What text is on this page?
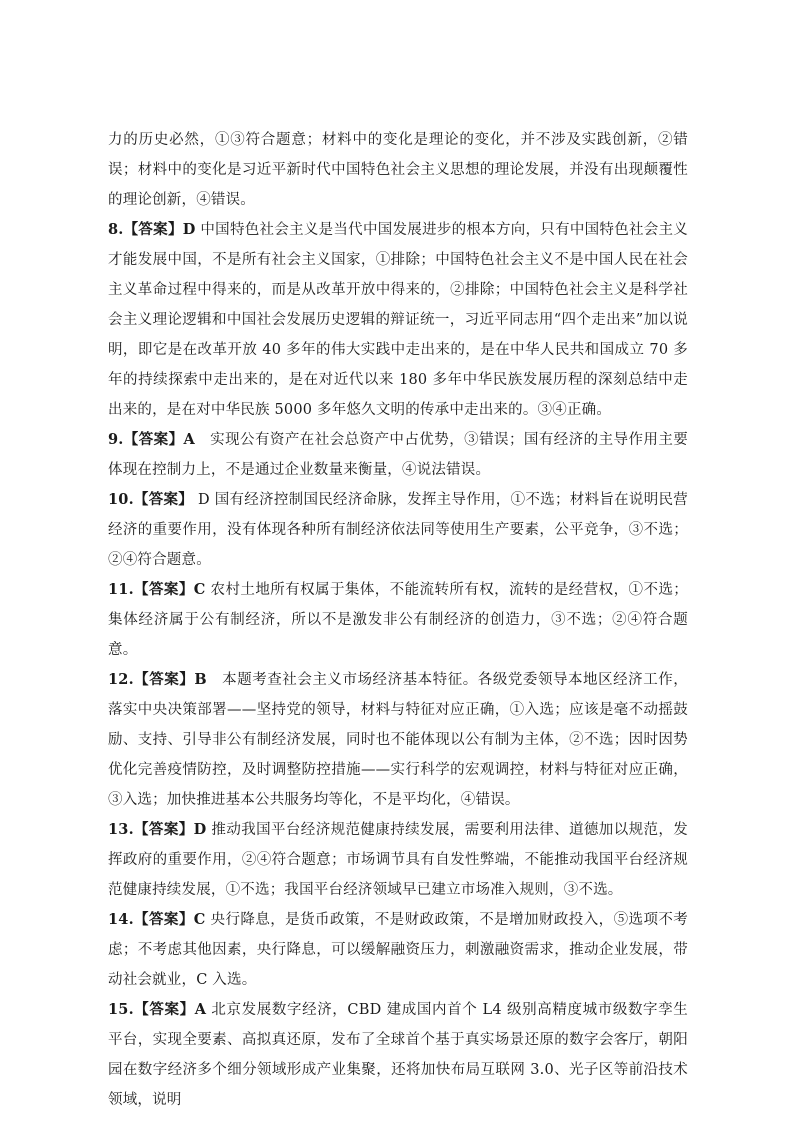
力的历史必然，①③符合题意；材料中的变化是理论的变化，并不涉及实践创新，②错误；材料中的变化是习近平新时代中国特色社会主义思想的理论发展，并没有出现颠覆性的理论创新，④错误。

8.【答案】D 中国特色社会主义是当代中国发展进步的根本方向，只有中国特色社会主义才能发展中国，不是所有社会主义国家，①排除；中国特色社会主义不是中国人民在社会主义革命过程中得来的，而是从改革开放中得来的，②排除；中国特色社会主义是科学社会主义理论逻辑和中国社会发展历史逻辑的辩证统一，习近平同志用“四个走出来”加以说明，即它是在改革开放 40 多年的伟大实践中走出来的，是在中华人民共和国成立 70 多年的持续探索中走出来的，是在对近代以来 180 多年中华民族发展历程的深刻总结中走出来的，是在对中华民族 5000 多年悠久文明的传承中走出来的。③④正确。

9.【答案】A　实现公有资产在社会总资产中占优势，③错误；国有经济的主导作用主要体现在控制力上，不是通过企业数量来衡量，④说法错误。

10.【答案】 D 国有经济控制国民经济命脉，发挥主导作用，①不选；材料旨在说明民营经济的重要作用，没有体现各种所有制经济依法同等使用生产要素，公平竞争，③不选；②④符合题意。

11.【答案】C 农村土地所有权属于集体，不能流转所有权，流转的是经营权，①不选；集体经济属于公有制经济，所以不是激发非公有制经济的创造力，③不选；②④符合题意。

12.【答案】B　本题考查社会主义市场经济基本特征。各级党委领导本地区经济工作，落实中央决策部署——坚持党的领导，材料与特征对应正确，①入选；应该是毫不动摇鼓励、支持、引导非公有制经济发展，同时也不能体现以公有制为主体，②不选；因时因势优化完善疫情防控，及时调整防控措施——实行科学的宏观调控，材料与特征对应正确，③入选；加快推进基本公共服务均等化，不是平均化，④错误。

13.【答案】D 推动我国平台经济规范健康持续发展，需要利用法律、道德加以规范，发挥政府的重要作用，②④符合题意；市场调节具有自发性弊端，不能推动我国平台经济规范健康持续发展，①不选；我国平台经济领域早已建立市场准入规则，③不选。

14.【答案】C 央行降息，是货币政策，不是财政政策，不是增加财政投入，⑤选项不考虑；不考虑其他因素，央行降息，可以缓解融资压力，刺激融资需求，推动企业发展，带动社会就业，C 入选。

15.【答案】A 北京发展数字经济，CBD 建成国内首个 L4 级别高精度城市级数字孪生平台，实现全要素、高拟真还原，发布了全球首个基于真实场景还原的数字会客厅，朝阳园在数字经济多个细分领域形成产业集聚，还将加快布局互联网 3.0、光子区等前沿技术领域，说明
